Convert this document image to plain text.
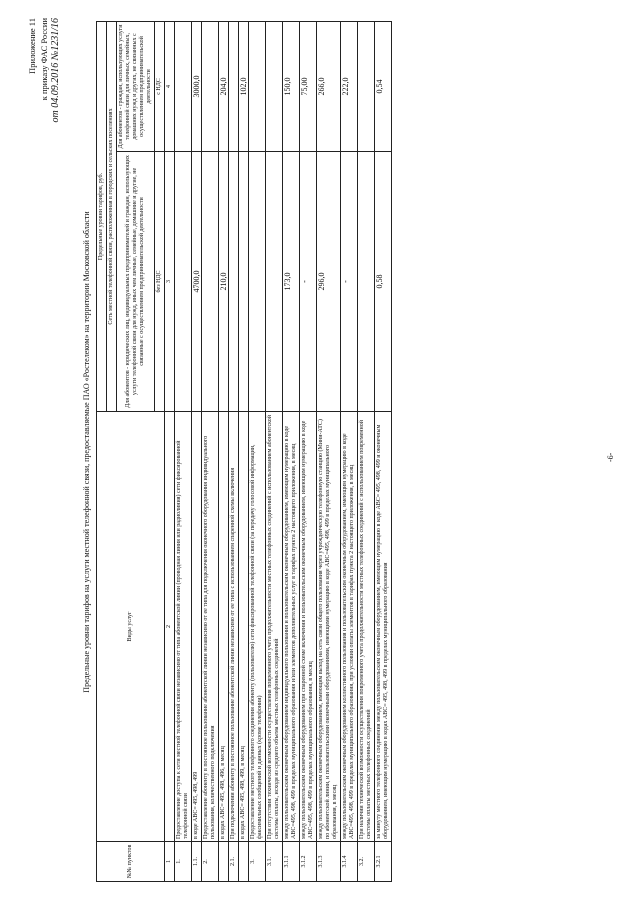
Приложение 11 к приказу ФАС России от 04.09.2016 №1231/16
Предельные уровни тарифов на услуги местной телефонной связи, предоставляемые ПАО «Ростелеком» на территории Московской области
№№ пунктов	Виды услуг	Предельные уровни тарифов, руб.	
		Сеть местной телефонной связи, расположенная в городских и сельских поселениях	
		Для абонентов - юридических лиц, индивидуальных предпринимателей и граждан, использующих услуги телефонной связи для нужд, иных чем личные, семейные, домашние и другие, не связанные с осуществлением предпринимательской деятельности	Для абонентов - граждан, использующих услуги телефонной связи для личных, семейных, домашних нужд и других, не связанных с осуществлением предпринимательской деятельности
		без НДС	с НДС
1	2	3	4
1.	Предоставление доступа к сети местной телефонной связи независимо от типа абонентской линии (проводная линия или радиолиния) сети фиксированной телефонной связи		
1.1.	в коде АВС= 495, 498, 499	4700,0	3000,0
2.	Предоставление абоненту в постоянное пользование абонентской линии независимо от ее типа для подключения оконечного оборудования индивидуального пользования, количественного подключения		
	в кодах АВС= 495, 498, 496, в месяц	210,0	204,0
2.1.	При подключении абоненту в постоянное пользование абонентской линии независимо от ее типа с использованием спаренной схемы включения		
	в кодах АВС= 495, 498, 499, в месяц		102,0
3.	Предоставление местного телефонного соединения абоненту (пользователю) сети фиксированной телефонной связи (за передачу голосовой информации, факсимильных сообщений и данных (кроме телефонии)		
3.1.	При отсутствии технической возможности осуществления повременного учета продолжительности местных телефонных соединений с использованием абонентской системы оплаты, исходя из среднего объема местных телефонных соединений		
3.1.1	между пользовательским оконечным оборудованием индивидуального пользования и пользовательским оконечным оборудованием, имеющим нумерацию в коде АВС=495, 498, 499 в пределах муниципального образования и/или элементов дополнительных услуг в тарифах пункта 2 настоящего приложения, в месяц	173,0	150,0
3.1.2	между пользовательским оконечным оборудованием при спаренной схеме включения и пользовательским оконечным оборудованием, имеющим нумерацию в коде АВС=495, 498, 499 в пределах муниципального образования, в месяц	-	75,00
3.1.3	между пользовательским оконечным оборудованием, имеющим выход на сеть связи общего пользования через учрежденческую телефонную станцию (Мини-АТС) по абонентской линии, и пользовательскими оконечными оборудованиями, имеющими нумерацию в коде АВС=495, 498, 499 в пределах муниципального образования, в месяц	296,0	266,0
3.1.4	между пользовательским оконечным оборудованием коллективного пользования и пользовательским оконечным оборудованием, имеющим нумерацию в коде АВС=495, 498, 499 в пределах муниципального образования, при условии оплаты элементов в тарифах пункта 2 настоящего приложения, в месяц	-	222,0
3.2.	При наличии технической возможности осуществления повременного учета продолжительности местных телефонных соединений с использованием повременной системы оплаты местных телефонных соединений		
3.2.1	за минуту местного телефонного соединения между пользовательским оконечным оборудованием, имеющим нумерацию в коде АВС= 495, 498, 499 и оконечным оборудованием, имеющим нумерацию в кодах АВС= 495, 498, 499 в пределах муниципального образования	0,58	0,54
-6-
